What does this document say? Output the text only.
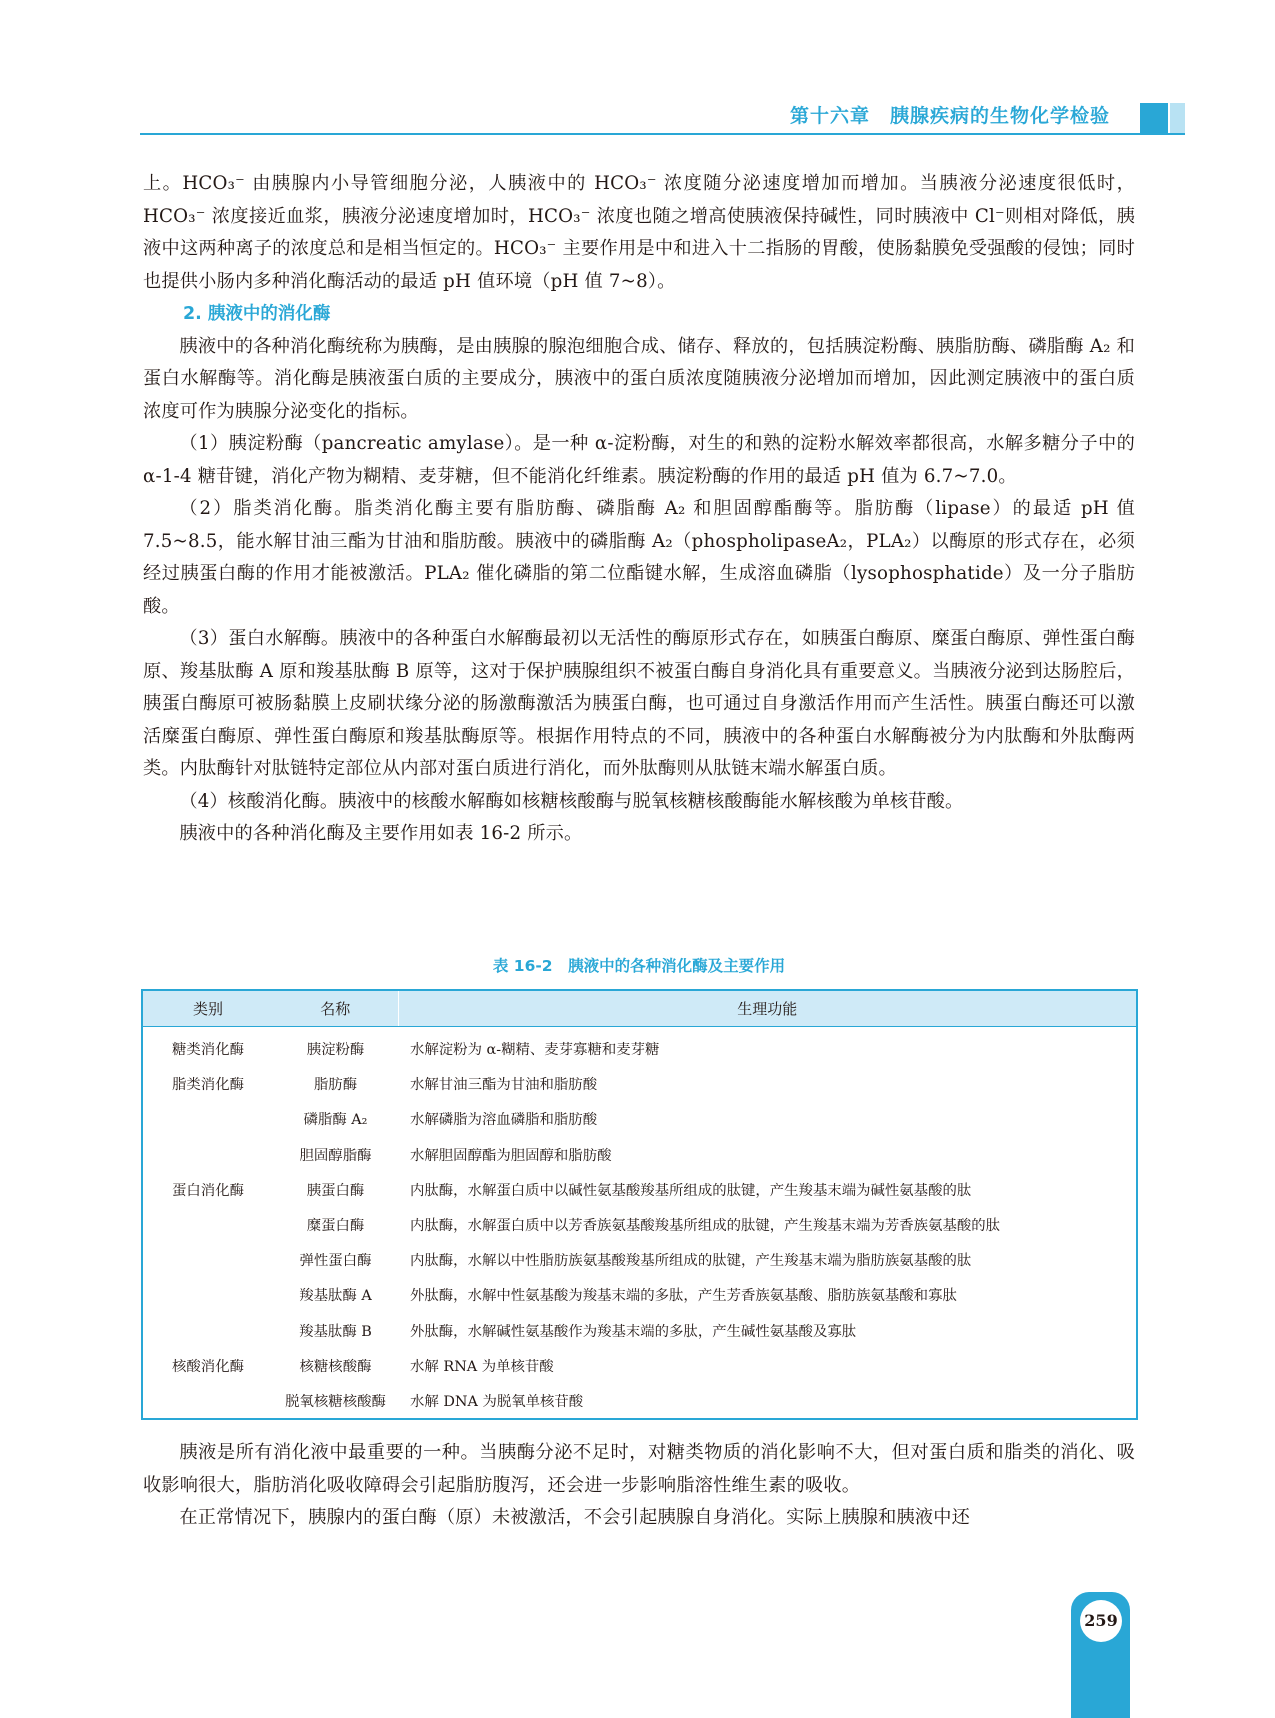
第十六章　胰腺疾病的生物化学检验

上。HCO₃⁻ 由胰腺内小导管细胞分泌，人胰液中的 HCO₃⁻ 浓度随分泌速度增加而增加。当胰液分泌速度很低时，HCO₃⁻ 浓度接近血浆，胰液分泌速度增加时，HCO₃⁻ 浓度也随之增高使胰液保持碱性，同时胰液中 Cl⁻则相对降低，胰液中这两种离子的浓度总和是相当恒定的。HCO₃⁻ 主要作用是中和进入十二指肠的胃酸，使肠黏膜免受强酸的侵蚀；同时也提供小肠内多种消化酶活动的最适 pH 值环境（pH 值 7~8）。

2. 胰液中的消化酶

胰液中的各种消化酶统称为胰酶，是由胰腺的腺泡细胞合成、储存、释放的，包括胰淀粉酶、胰脂肪酶、磷脂酶 A₂ 和蛋白水解酶等。消化酶是胰液蛋白质的主要成分，胰液中的蛋白质浓度随胰液分泌增加而增加，因此测定胰液中的蛋白质浓度可作为胰腺分泌变化的指标。

（1）胰淀粉酶（pancreatic amylase）。是一种 α-淀粉酶，对生的和熟的淀粉水解效率都很高，水解多糖分子中的 α-1-4 糖苷键，消化产物为糊精、麦芽糖，但不能消化纤维素。胰淀粉酶的作用的最适 pH 值为 6.7~7.0。

（2）脂类消化酶。脂类消化酶主要有脂肪酶、磷脂酶 A₂ 和胆固醇酯酶等。脂肪酶（lipase）的最适 pH 值 7.5~8.5，能水解甘油三酯为甘油和脂肪酸。胰液中的磷脂酶 A₂（phospholipaseA₂，PLA₂）以酶原的形式存在，必须经过胰蛋白酶的作用才能被激活。PLA₂ 催化磷脂的第二位酯键水解，生成溶血磷脂（lysophosphatide）及一分子脂肪酸。

（3）蛋白水解酶。胰液中的各种蛋白水解酶最初以无活性的酶原形式存在，如胰蛋白酶原、糜蛋白酶原、弹性蛋白酶原、羧基肽酶 A 原和羧基肽酶 B 原等，这对于保护胰腺组织不被蛋白酶自身消化具有重要意义。当胰液分泌到达肠腔后，胰蛋白酶原可被肠黏膜上皮刷状缘分泌的肠激酶激活为胰蛋白酶，也可通过自身激活作用而产生活性。胰蛋白酶还可以激活糜蛋白酶原、弹性蛋白酶原和羧基肽酶原等。根据作用特点的不同，胰液中的各种蛋白水解酶被分为内肽酶和外肽酶两类。内肽酶针对肽链特定部位从内部对蛋白质进行消化，而外肽酶则从肽链末端水解蛋白质。

（4）核酸消化酶。胰液中的核酸水解酶如核糖核酸酶与脱氧核糖核酸酶能水解核酸为单核苷酸。

胰液中的各种消化酶及主要作用如表 16-2 所示。

表 16-2　胰液中的各种消化酶及主要作用
类别	名称	生理功能
糖类消化酶	胰淀粉酶	水解淀粉为 α-糊精、麦芽寡糖和麦芽糖
脂类消化酶	脂肪酶	水解甘油三酯为甘油和脂肪酸
	磷脂酶 A₂	水解磷脂为溶血磷脂和脂肪酸
	胆固醇脂酶	水解胆固醇酯为胆固醇和脂肪酸
蛋白消化酶	胰蛋白酶	内肽酶，水解蛋白质中以碱性氨基酸羧基所组成的肽键，产生羧基末端为碱性氨基酸的肽
	糜蛋白酶	内肽酶，水解蛋白质中以芳香族氨基酸羧基所组成的肽键，产生羧基末端为芳香族氨基酸的肽
	弹性蛋白酶	内肽酶，水解以中性脂肪族氨基酸羧基所组成的肽键，产生羧基末端为脂肪族氨基酸的肽
	羧基肽酶 A	外肽酶，水解中性氨基酸为羧基末端的多肽，产生芳香族氨基酸、脂肪族氨基酸和寡肽
	羧基肽酶 B	外肽酶，水解碱性氨基酸作为羧基末端的多肽，产生碱性氨基酸及寡肽
核酸消化酶	核糖核酸酶	水解 RNA 为单核苷酸
	脱氧核糖核酸酶	水解 DNA 为脱氧单核苷酸

胰液是所有消化液中最重要的一种。当胰酶分泌不足时，对糖类物质的消化影响不大，但对蛋白质和脂类的消化、吸收影响很大，脂肪消化吸收障碍会引起脂肪腹泻，还会进一步影响脂溶性维生素的吸收。

在正常情况下，胰腺内的蛋白酶（原）未被激活，不会引起胰腺自身消化。实际上胰腺和胰液中还

259
